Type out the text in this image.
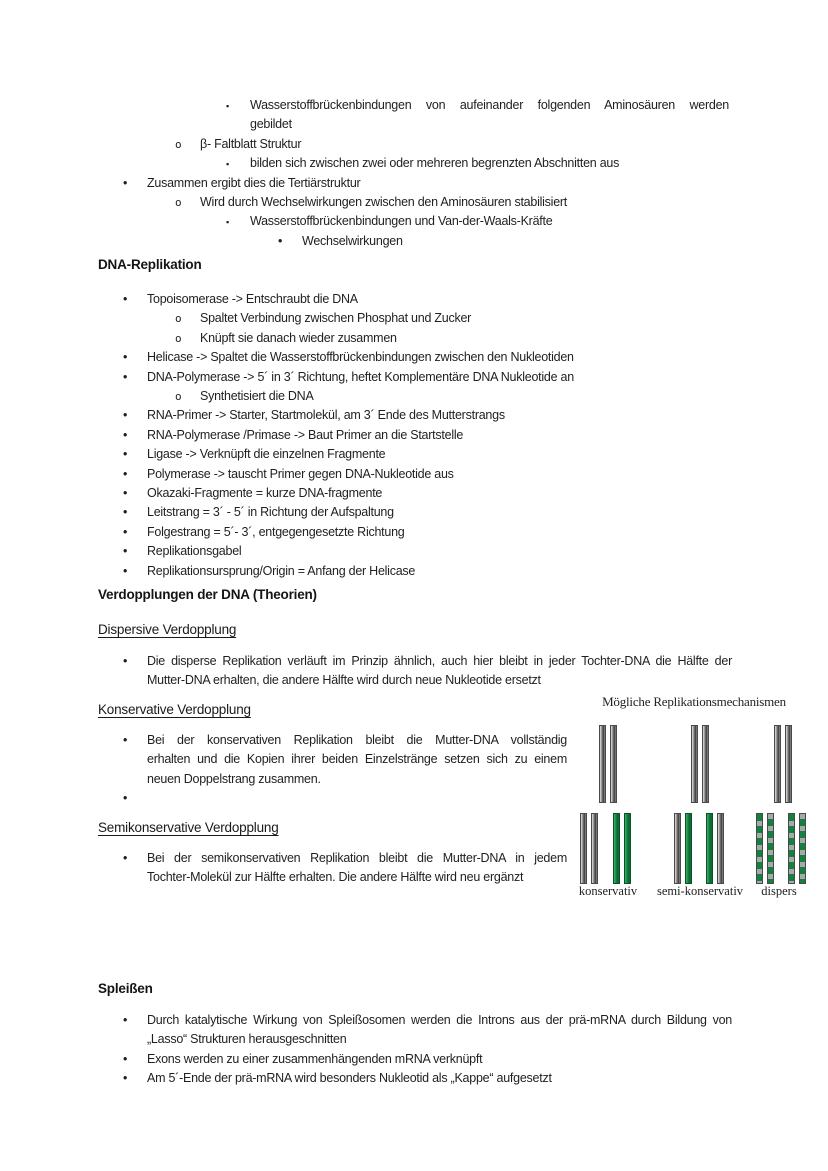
▪
Wasserstoffbrückenbindungen von aufeinander folgenden Aminosäuren werden
gebildet
o
β- Faltblatt Struktur
▪
bilden sich zwischen zwei oder mehreren begrenzten Abschnitten aus
•
Zusammen ergibt dies die Tertiärstruktur
o
Wird durch Wechselwirkungen zwischen den Aminosäuren stabilisiert
▪
Wasserstoffbrückenbindungen und Van-der-Waals-Kräfte
•
Wechselwirkungen
DNA-Replikation
•
Topoisomerase -> Entschraubt die DNA
o
Spaltet Verbindung zwischen Phosphat und Zucker
o
Knüpft sie danach wieder zusammen
•
Helicase -> Spaltet die Wasserstoffbrückenbindungen zwischen den Nukleotiden
•
DNA-Polymerase -> 5´ in 3´ Richtung, heftet Komplementäre DNA Nukleotide an
o
Synthetisiert die DNA
•
RNA-Primer -> Starter, Startmolekül, am 3´ Ende des Mutterstrangs
•
RNA-Polymerase /Primase -> Baut Primer an die Startstelle
•
Ligase -> Verknüpft die einzelnen Fragmente
•
Polymerase -> tauscht Primer gegen DNA-Nukleotide aus
•
Okazaki-Fragmente = kurze DNA-fragmente
•
Leitstrang = 3´ - 5´ in Richtung der Aufspaltung
•
Folgestrang = 5´- 3´, entgegengesetzte Richtung
•
Replikationsgabel
•
Replikationsursprung/Origin = Anfang der Helicase
Verdopplungen der DNA (Theorien)
Dispersive Verdopplung
•
Die disperse Replikation verläuft im Prinzip ähnlich, auch hier bleibt in jeder Tochter-DNA die Hälfte der
Mutter-DNA erhalten, die andere Hälfte wird durch neue Nukleotide ersetzt
Konservative Verdopplung
•
Bei der konservativen Replikation bleibt die Mutter-DNA vollständig
erhalten und die Kopien ihrer beiden Einzelstränge setzen sich zu einem
neuen Doppelstrang zusammen.
•
Semikonservative Verdopplung
•
Bei der semikonservativen Replikation bleibt die Mutter-DNA in jedem
Tochter-Molekül zur Hälfte erhalten. Die andere Hälfte wird neu ergänzt
Mögliche Replikationsmechanismen
konservativ semi-konservativ dispers
Spleißen
•
Durch katalytische Wirkung von Spleißosomen werden die Introns aus der prä-mRNA durch Bildung von
„Lasso“ Strukturen herausgeschnitten
•
Exons werden zu einer zusammenhängenden mRNA verknüpft
•
Am 5´-Ende der prä-mRNA wird besonders Nukleotid als „Kappe“ aufgesetzt
